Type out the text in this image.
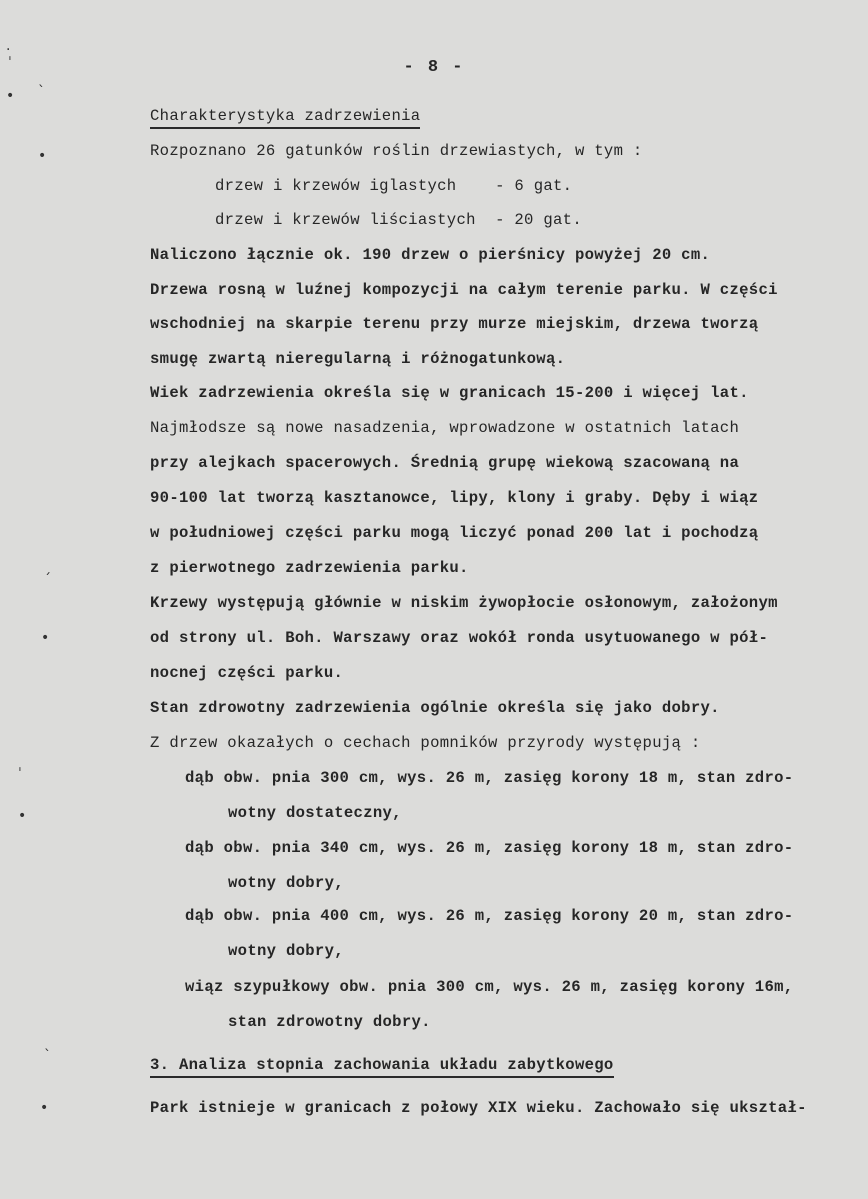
·
ˈ
• ˋ
•
ˊ
•
ˈ
•
ˋ
•
- 8 -
Charakterystyka zadrzewienia
Rozpoznano 26 gatunków roślin drzewiastych, w tym :
drzew i krzewów iglastych    - 6 gat.
drzew i krzewów liściastych  - 20 gat.
Naliczono łącznie ok. 190 drzew o pierśnicy powyżej 20 cm.
Drzewa rosną w luźnej kompozycji na całym terenie parku. W części
wschodniej na skarpie terenu przy murze miejskim, drzewa tworzą
smugę zwartą nieregularną i różnogatunkową.
Wiek zadrzewienia określa się w granicach 15-200 i więcej lat.
Najmłodsze są nowe nasadzenia, wprowadzone w ostatnich latach
przy alejkach spacerowych. Średnią grupę wiekową szacowaną na
90-100 lat tworzą kasztanowce, lipy, klony i graby. Dęby i wiąz
w południowej części parku mogą liczyć ponad 200 lat i pochodzą
z pierwotnego zadrzewienia parku.
Krzewy występują głównie w niskim żywopłocie osłonowym, założonym
od strony ul. Boh. Warszawy oraz wokół ronda usytuowanego w pół-
nocnej części parku.
Stan zdrowotny zadrzewienia ogólnie określa się jako dobry.
Z drzew okazałych o cechach pomników przyrody występują :
dąb obw. pnia 300 cm, wys. 26 m, zasięg korony 18 m, stan zdro-
wotny dostateczny,
dąb obw. pnia 340 cm, wys. 26 m, zasięg korony 18 m, stan zdro-
wotny dobry,
dąb obw. pnia 400 cm, wys. 26 m, zasięg korony 20 m, stan zdro-
wotny dobry,
wiąz szypułkowy obw. pnia 300 cm, wys. 26 m, zasięg korony 16m,
stan zdrowotny dobry.
3. Analiza stopnia zachowania układu zabytkowego
Park istnieje w granicach z połowy XIX wieku. Zachowało się ukształ-
